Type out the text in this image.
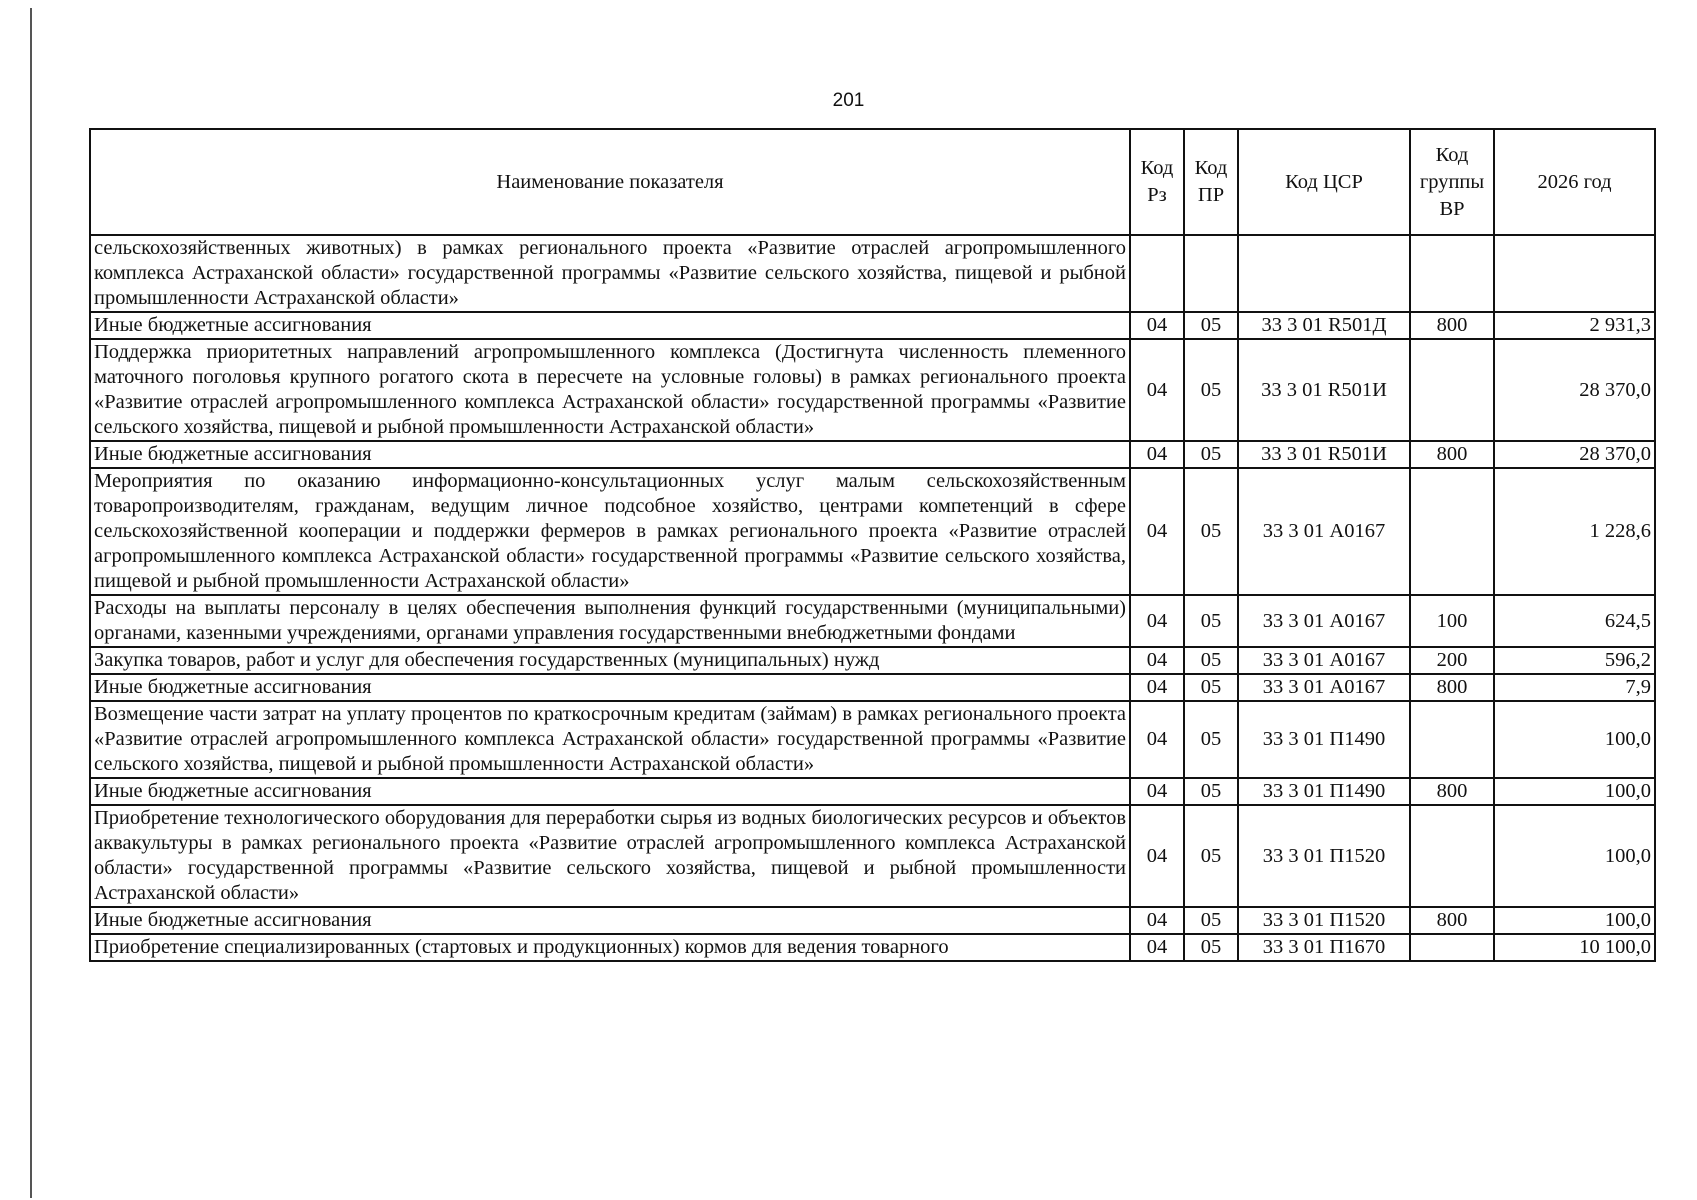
201
Наименование показателя	Код Рз	Код ПР	Код ЦСР	Код группы ВР	2026 год
сельскохозяйственных животных) в рамках регионального проекта «Развитие отраслей агропромышленного комплекса Астраханской области» государственной программы «Развитие сельского хозяйства, пищевой и рыбной промышленности Астраханской области»					
Иные бюджетные ассигнования	04	05	33 3 01 R501Д	800	2 931,3
Поддержка приоритетных направлений агропромышленного комплекса (Достигнута численность племенного маточного поголовья крупного рогатого скота в пересчете на условные головы) в рамках регионального проекта «Развитие отраслей агропромышленного комплекса Астраханской области» государственной программы «Развитие сельского хозяйства, пищевой и рыбной промышленности Астраханской области»	04	05	33 3 01 R501И		28 370,0
Иные бюджетные ассигнования	04	05	33 3 01 R501И	800	28 370,0
Мероприятия по оказанию информационно-консультационных услуг малым сельскохозяйственным товаропроизводителям, гражданам, ведущим личное подсобное хозяйство, центрами компетенций в сфере сельскохозяйственной кооперации и поддержки фермеров в рамках регионального проекта «Развитие отраслей агропромышленного комплекса Астраханской области» государственной программы «Развитие сельского хозяйства, пищевой и рыбной промышленности Астраханской области»	04	05	33 3 01 А0167		1 228,6
Расходы на выплаты персоналу в целях обеспечения выполнения функций государственными (муниципальными) органами, казенными учреждениями, органами управления государственными внебюджетными фондами	04	05	33 3 01 А0167	100	624,5
Закупка товаров, работ и услуг для обеспечения государственных (муниципальных) нужд	04	05	33 3 01 А0167	200	596,2
Иные бюджетные ассигнования	04	05	33 3 01 А0167	800	7,9
Возмещение части затрат на уплату процентов по краткосрочным кредитам (займам) в рамках регионального проекта «Развитие отраслей агропромышленного комплекса Астраханской области» государственной программы «Развитие сельского хозяйства, пищевой и рыбной промышленности Астраханской области»	04	05	33 3 01 П1490		100,0
Иные бюджетные ассигнования	04	05	33 3 01 П1490	800	100,0
Приобретение технологического оборудования для переработки сырья из водных биологических ресурсов и объектов аквакультуры в рамках регионального проекта «Развитие отраслей агропромышленного комплекса Астраханской области» государственной программы «Развитие сельского хозяйства, пищевой и рыбной промышленности Астраханской области»	04	05	33 3 01 П1520		100,0
Иные бюджетные ассигнования	04	05	33 3 01 П1520	800	100,0
Приобретение специализированных (стартовых и продукционных) кормов для ведения товарного	04	05	33 3 01 П1670		10 100,0
